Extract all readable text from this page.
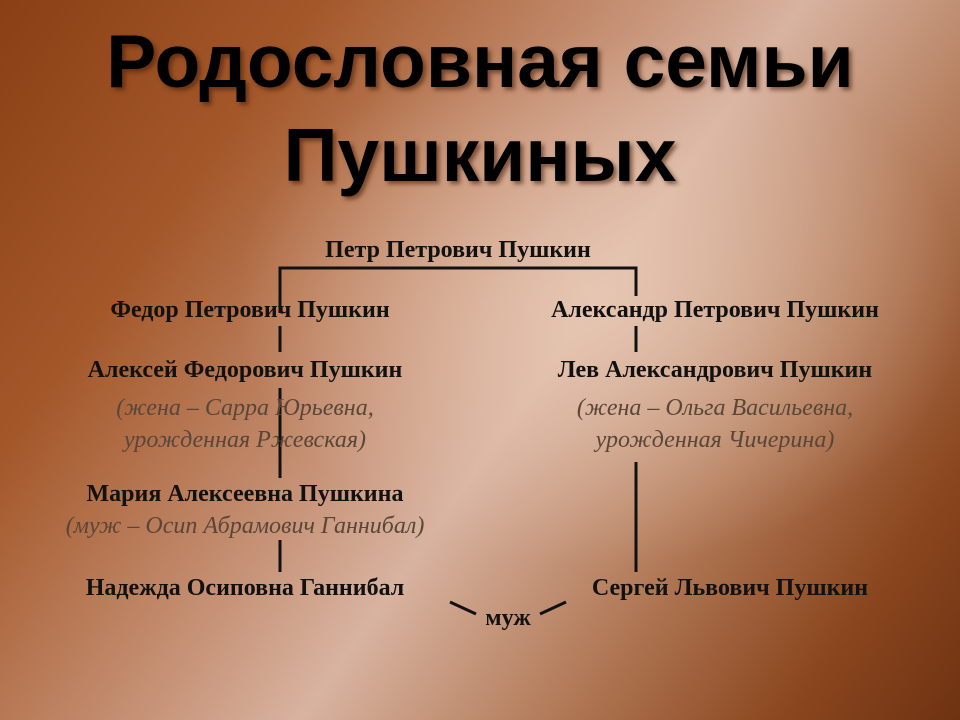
Родословная семьи
Пушкиных
Петр Петрович Пушкин
Федор Петрович Пушкин	Александр Петрович Пушкин
Алексей Федорович Пушкин
(жена – Сарра Юрьевна,
урожденная Ржевская)
Лев Александрович Пушкин
(жена – Ольга Васильевна,
урожденная Чичерина)
Мария Алексеевна Пушкина
(муж – Осип Абрамович Ганнибал)
Надежда Осиповна Ганнибал	Сергей Львович Пушкин
муж
